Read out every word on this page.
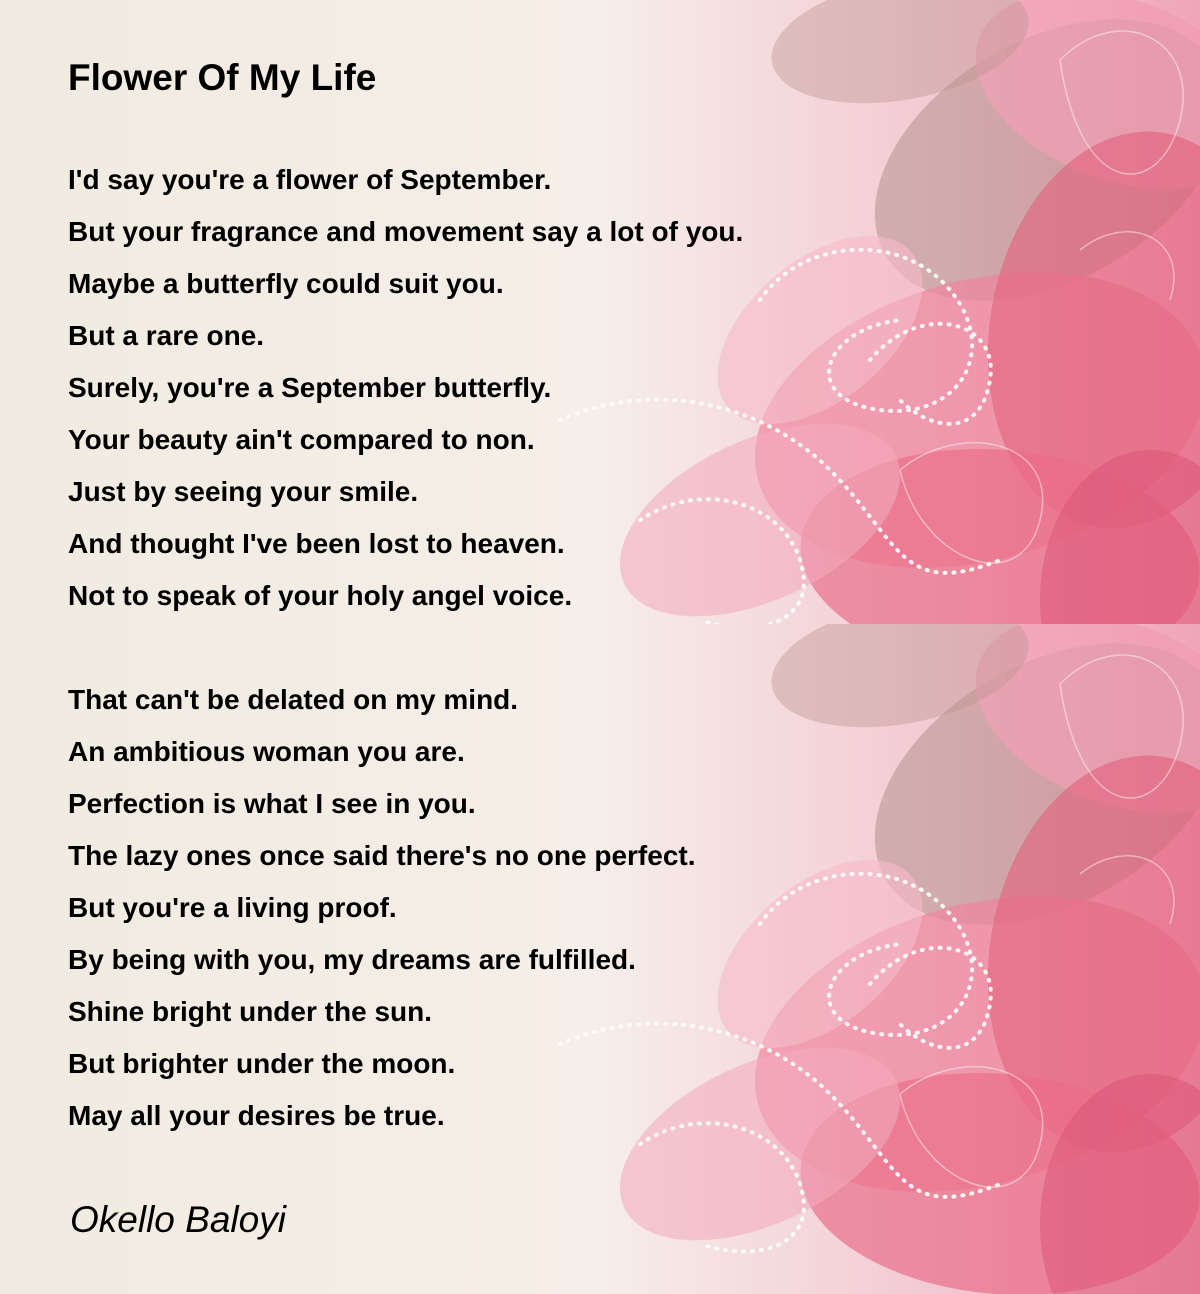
Flower Of My Life
I'd say you're a flower of September.
But your fragrance and movement say a lot of you.
Maybe a butterfly could suit you.
But a rare one.
Surely, you're a September butterfly.
Your beauty ain't compared to non.
Just by seeing your smile.
And thought I've been lost to heaven.
Not to speak of your holy angel voice.
That can't be delated on my mind.
An ambitious woman you are.
Perfection is what I see in you.
The lazy ones once said there's no one perfect.
But you're a living proof.
By being with you, my dreams are fulfilled.
Shine bright under the sun.
But brighter under the moon.
May all your desires be true.

Okello Baloyi
